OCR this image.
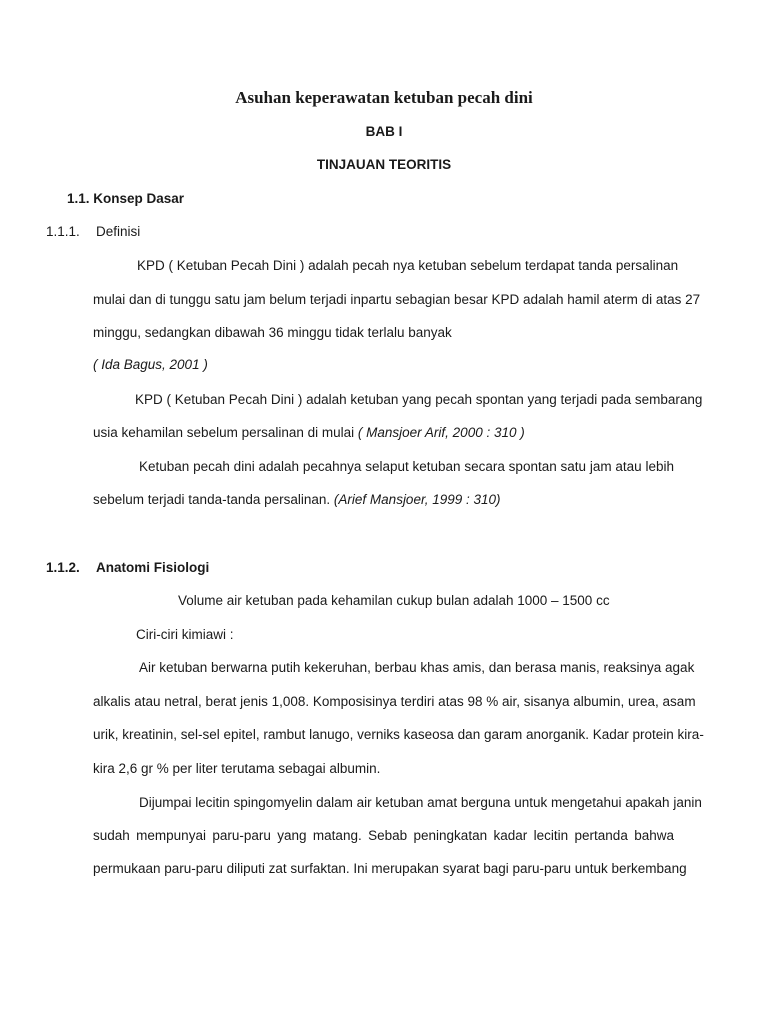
Asuhan keperawatan ketuban pecah dini
BAB I
TINJAUAN TEORITIS
1.1. Konsep Dasar
1.1.1. Definisi
KPD ( Ketuban Pecah Dini ) adalah pecah nya ketuban sebelum terdapat tanda persalinan
mulai dan di tunggu satu jam belum terjadi inpartu sebagian besar KPD adalah hamil aterm di atas 27
minggu, sedangkan dibawah 36 minggu tidak terlalu banyak
( Ida Bagus, 2001 )
KPD ( Ketuban Pecah Dini ) adalah ketuban yang pecah spontan yang terjadi pada sembarang
usia kehamilan sebelum persalinan di mulai ( Mansjoer Arif, 2000 : 310 )
Ketuban pecah dini adalah pecahnya selaput ketuban secara spontan satu jam atau lebih
sebelum terjadi tanda-tanda persalinan. (Arief Mansjoer, 1999 : 310)
1.1.2. Anatomi Fisiologi
Volume air ketuban pada kehamilan cukup bulan adalah 1000 – 1500 cc
Ciri-ciri kimiawi :
Air ketuban berwarna putih kekeruhan, berbau khas amis, dan berasa manis, reaksinya agak
alkalis atau netral, berat jenis 1,008. Komposisinya terdiri atas 98 % air, sisanya albumin, urea, asam
urik, kreatinin, sel-sel epitel, rambut lanugo, verniks kaseosa dan garam anorganik. Kadar protein kira-
kira 2,6 gr % per liter terutama sebagai albumin.
Dijumpai lecitin spingomyelin dalam air ketuban amat berguna untuk mengetahui apakah janin
sudah mempunyai paru-paru yang matang. Sebab peningkatan kadar lecitin pertanda bahwa
permukaan paru-paru diliputi zat surfaktan. Ini merupakan syarat bagi paru-paru untuk berkembang
